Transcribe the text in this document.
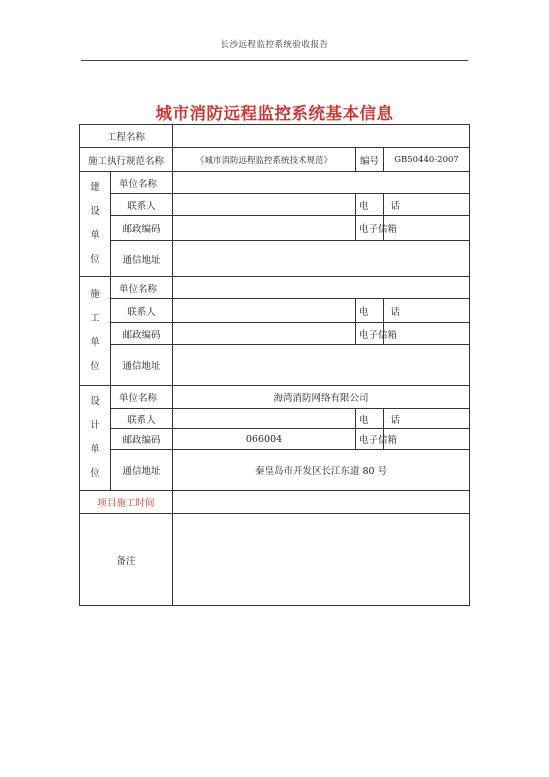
长沙远程监控系统验收报告
城市消防远程监控系统基本信息
工程名称				
施工执行规范名称		《城市消防远程监控系统技术规范》	编号	GB50440-2007

建
设
单
位	单位名称			
	联系人		电 话	
	邮政编码		电子信箱	
	通信地址			

施
工
单
位	单位名称			
	联系人		电 话	
	邮政编码		电子信箱	
	通信地址			

设
计
单
位	单位名称	海湾消防网络有限公司		
	联系人		电 话	
	邮政编码	066004	电子信箱	
	通信地址	秦皇岛市开发区长江东道 80 号		

项目施工时间				
备注				
